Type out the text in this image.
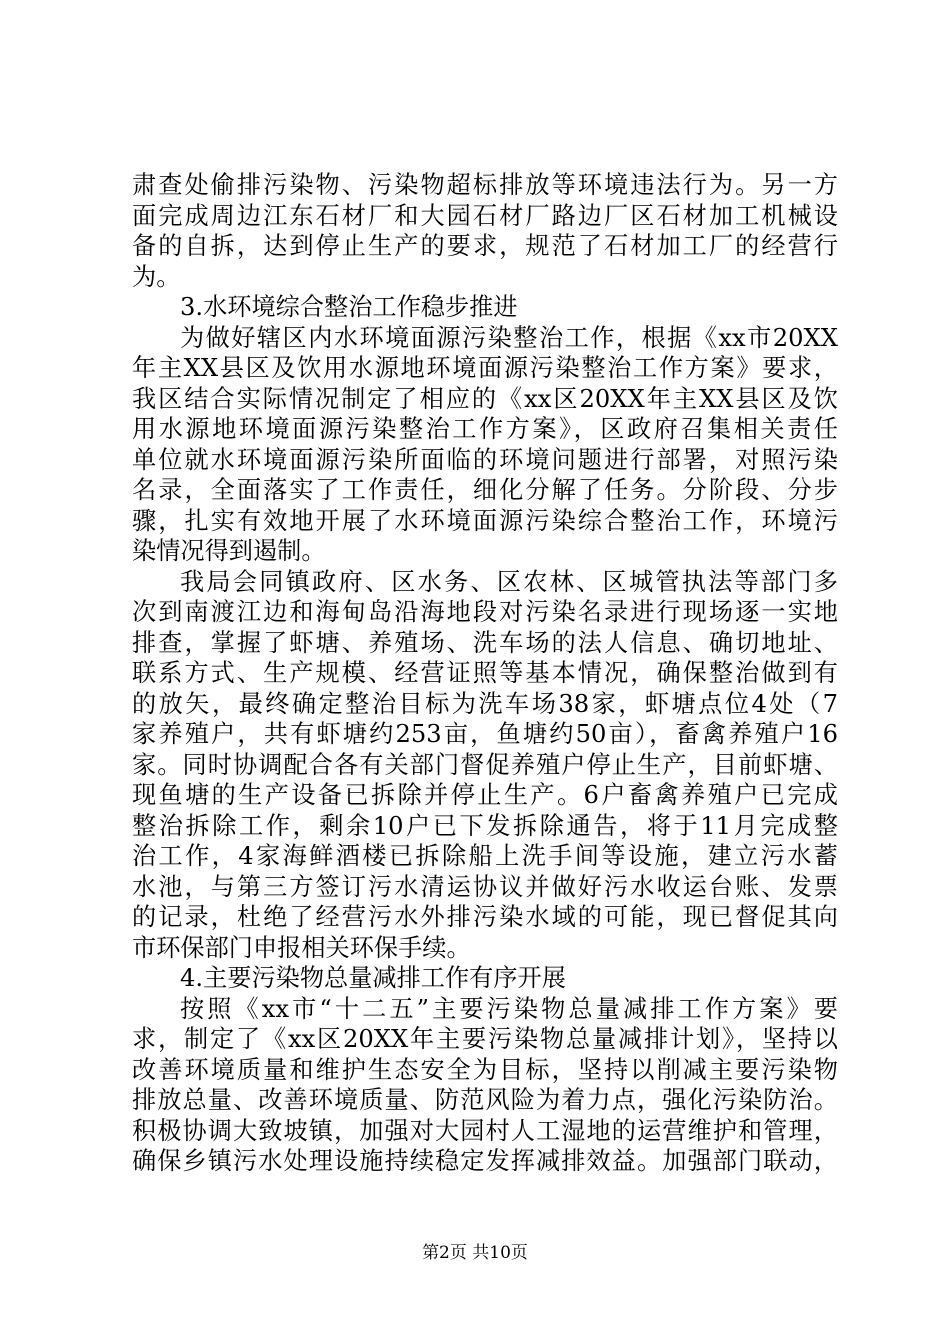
肃查处偷排污染物、污染物超标排放等环境违法行为。另一方
面完成周边江东石材厂和大园石材厂路边厂区石材加工机械设
备的自拆，达到停止生产的要求，规范了石材加工厂的经营行
为。
3.水环境综合整治工作稳步推进
为做好辖区内水环境面源污染整治工作，根据《xx市20XX
年主XX县区及饮用水源地环境面源污染整治工作方案》要求，
我区结合实际情况制定了相应的《xx区20XX年主XX县区及饮
用水源地环境面源污染整治工作方案》，区政府召集相关责任
单位就水环境面源污染所面临的环境问题进行部署，对照污染
名录，全面落实了工作责任，细化分解了任务。分阶段、分步
骤，扎实有效地开展了水环境面源污染综合整治工作，环境污
染情况得到遏制。
我局会同镇政府、区水务、区农林、区城管执法等部门多
次到南渡江边和海甸岛沿海地段对污染名录进行现场逐一实地
排查，掌握了虾塘、养殖场、洗车场的法人信息、确切地址、
联系方式、生产规模、经营证照等基本情况，确保整治做到有
的放矢，最终确定整治目标为洗车场38家，虾塘点位4处（7
家养殖户，共有虾塘约253亩，鱼塘约50亩），畜禽养殖户16
家。同时协调配合各有关部门督促养殖户停止生产，目前虾塘、
现鱼塘的生产设备已拆除并停止生产。6户畜禽养殖户已完成
整治拆除工作，剩余10户已下发拆除通告，将于11月完成整
治工作，4家海鲜酒楼已拆除船上洗手间等设施，建立污水蓄
水池，与第三方签订污水清运协议并做好污水收运台账、发票
的记录，杜绝了经营污水外排污染水域的可能，现已督促其向
市环保部门申报相关环保手续。
4.主要污染物总量减排工作有序开展
按照《xx市“十二五”主要污染物总量减排工作方案》要
求，制定了《xx区20XX年主要污染物总量减排计划》，坚持以
改善环境质量和维护生态安全为目标，坚持以削减主要污染物
排放总量、改善环境质量、防范风险为着力点，强化污染防治。
积极协调大致坡镇，加强对大园村人工湿地的运营维护和管理，
确保乡镇污水处理设施持续稳定发挥减排效益。加强部门联动，
第2页 共10页
